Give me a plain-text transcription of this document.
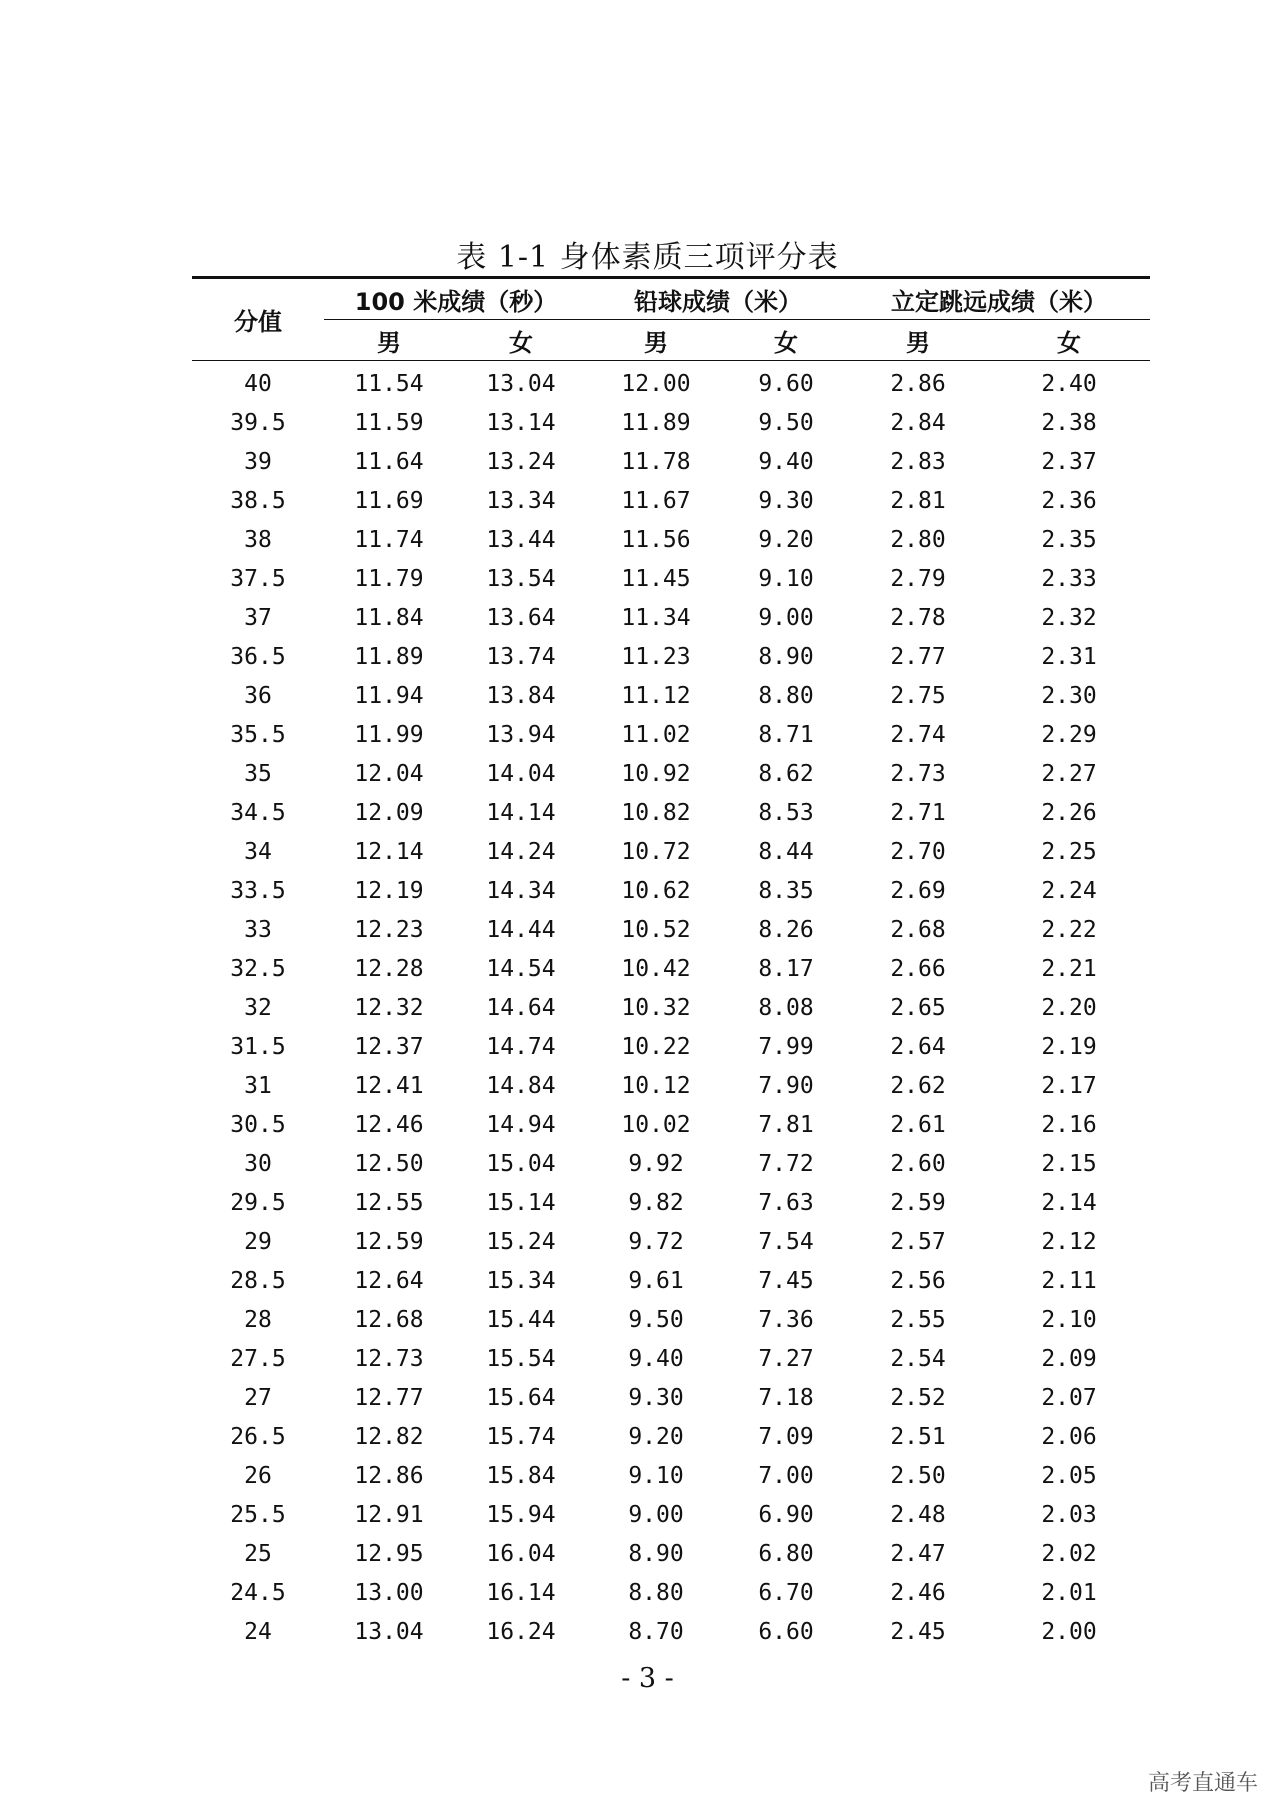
表 1-1 身体素质三项评分表
分值	100 米成绩（秒）		铅球成绩（米）		立定跳远成绩（米）	
	男	女	男	女	男	女
40	11.54	13.04	12.00	9.60	2.86	2.40
39.5	11.59	13.14	11.89	9.50	2.84	2.38
39	11.64	13.24	11.78	9.40	2.83	2.37
38.5	11.69	13.34	11.67	9.30	2.81	2.36
38	11.74	13.44	11.56	9.20	2.80	2.35
37.5	11.79	13.54	11.45	9.10	2.79	2.33
37	11.84	13.64	11.34	9.00	2.78	2.32
36.5	11.89	13.74	11.23	8.90	2.77	2.31
36	11.94	13.84	11.12	8.80	2.75	2.30
35.5	11.99	13.94	11.02	8.71	2.74	2.29
35	12.04	14.04	10.92	8.62	2.73	2.27
34.5	12.09	14.14	10.82	8.53	2.71	2.26
34	12.14	14.24	10.72	8.44	2.70	2.25
33.5	12.19	14.34	10.62	8.35	2.69	2.24
33	12.23	14.44	10.52	8.26	2.68	2.22
32.5	12.28	14.54	10.42	8.17	2.66	2.21
32	12.32	14.64	10.32	8.08	2.65	2.20
31.5	12.37	14.74	10.22	7.99	2.64	2.19
31	12.41	14.84	10.12	7.90	2.62	2.17
30.5	12.46	14.94	10.02	7.81	2.61	2.16
30	12.50	15.04	9.92	7.72	2.60	2.15
29.5	12.55	15.14	9.82	7.63	2.59	2.14
29	12.59	15.24	9.72	7.54	2.57	2.12
28.5	12.64	15.34	9.61	7.45	2.56	2.11
28	12.68	15.44	9.50	7.36	2.55	2.10
27.5	12.73	15.54	9.40	7.27	2.54	2.09
27	12.77	15.64	9.30	7.18	2.52	2.07
26.5	12.82	15.74	9.20	7.09	2.51	2.06
26	12.86	15.84	9.10	7.00	2.50	2.05
25.5	12.91	15.94	9.00	6.90	2.48	2.03
25	12.95	16.04	8.90	6.80	2.47	2.02
24.5	13.00	16.14	8.80	6.70	2.46	2.01
24	13.04	16.24	8.70	6.60	2.45	2.00
- 3 -
高考直通车
